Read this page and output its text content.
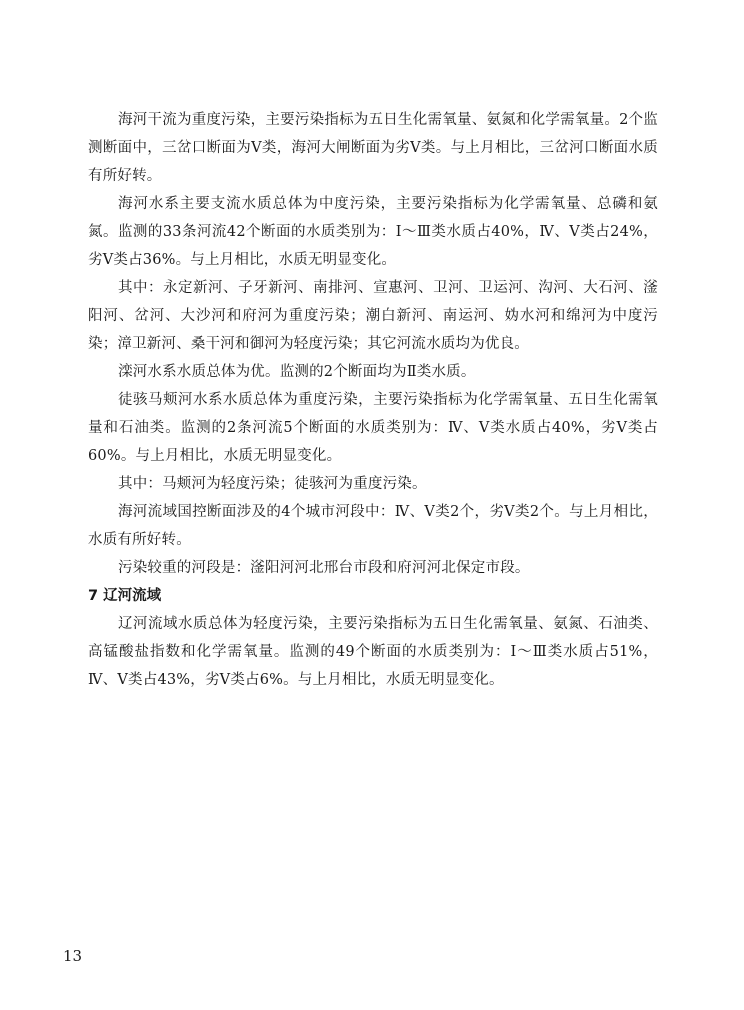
海河干流为重度污染，主要污染指标为五日生化需氧量、氨氮和化学需氧量。2个监测断面中，三岔口断面为Ⅴ类，海河大闸断面为劣Ⅴ类。与上月相比，三岔河口断面水质有所好转。

海河水系主要支流水质总体为中度污染，主要污染指标为化学需氧量、总磷和氨氮。监测的33条河流42个断面的水质类别为：Ⅰ～Ⅲ类水质占40%，Ⅳ、Ⅴ类占24%，劣Ⅴ类占36%。与上月相比，水质无明显变化。

其中：永定新河、子牙新河、南排河、宣惠河、卫河、卫运河、沟河、大石河、滏阳河、岔河、大沙河和府河为重度污染；潮白新河、南运河、妫水河和绵河为中度污染；漳卫新河、桑干河和御河为轻度污染；其它河流水质均为优良。

滦河水系水质总体为优。监测的2个断面均为Ⅱ类水质。

徒骇马颊河水系水质总体为重度污染，主要污染指标为化学需氧量、五日生化需氧量和石油类。监测的2条河流5个断面的水质类别为：Ⅳ、Ⅴ类水质占40%，劣Ⅴ类占60%。与上月相比，水质无明显变化。

其中：马颊河为轻度污染；徒骇河为重度污染。

海河流域国控断面涉及的4个城市河段中：Ⅳ、Ⅴ类2个，劣Ⅴ类2个。与上月相比，水质有所好转。

污染较重的河段是：滏阳河河北邢台市段和府河河北保定市段。

7 辽河流域

辽河流域水质总体为轻度污染，主要污染指标为五日生化需氧量、氨氮、石油类、高锰酸盐指数和化学需氧量。监测的49个断面的水质类别为：Ⅰ～Ⅲ类水质占51%，Ⅳ、Ⅴ类占43%，劣Ⅴ类占6%。与上月相比，水质无明显变化。

13
